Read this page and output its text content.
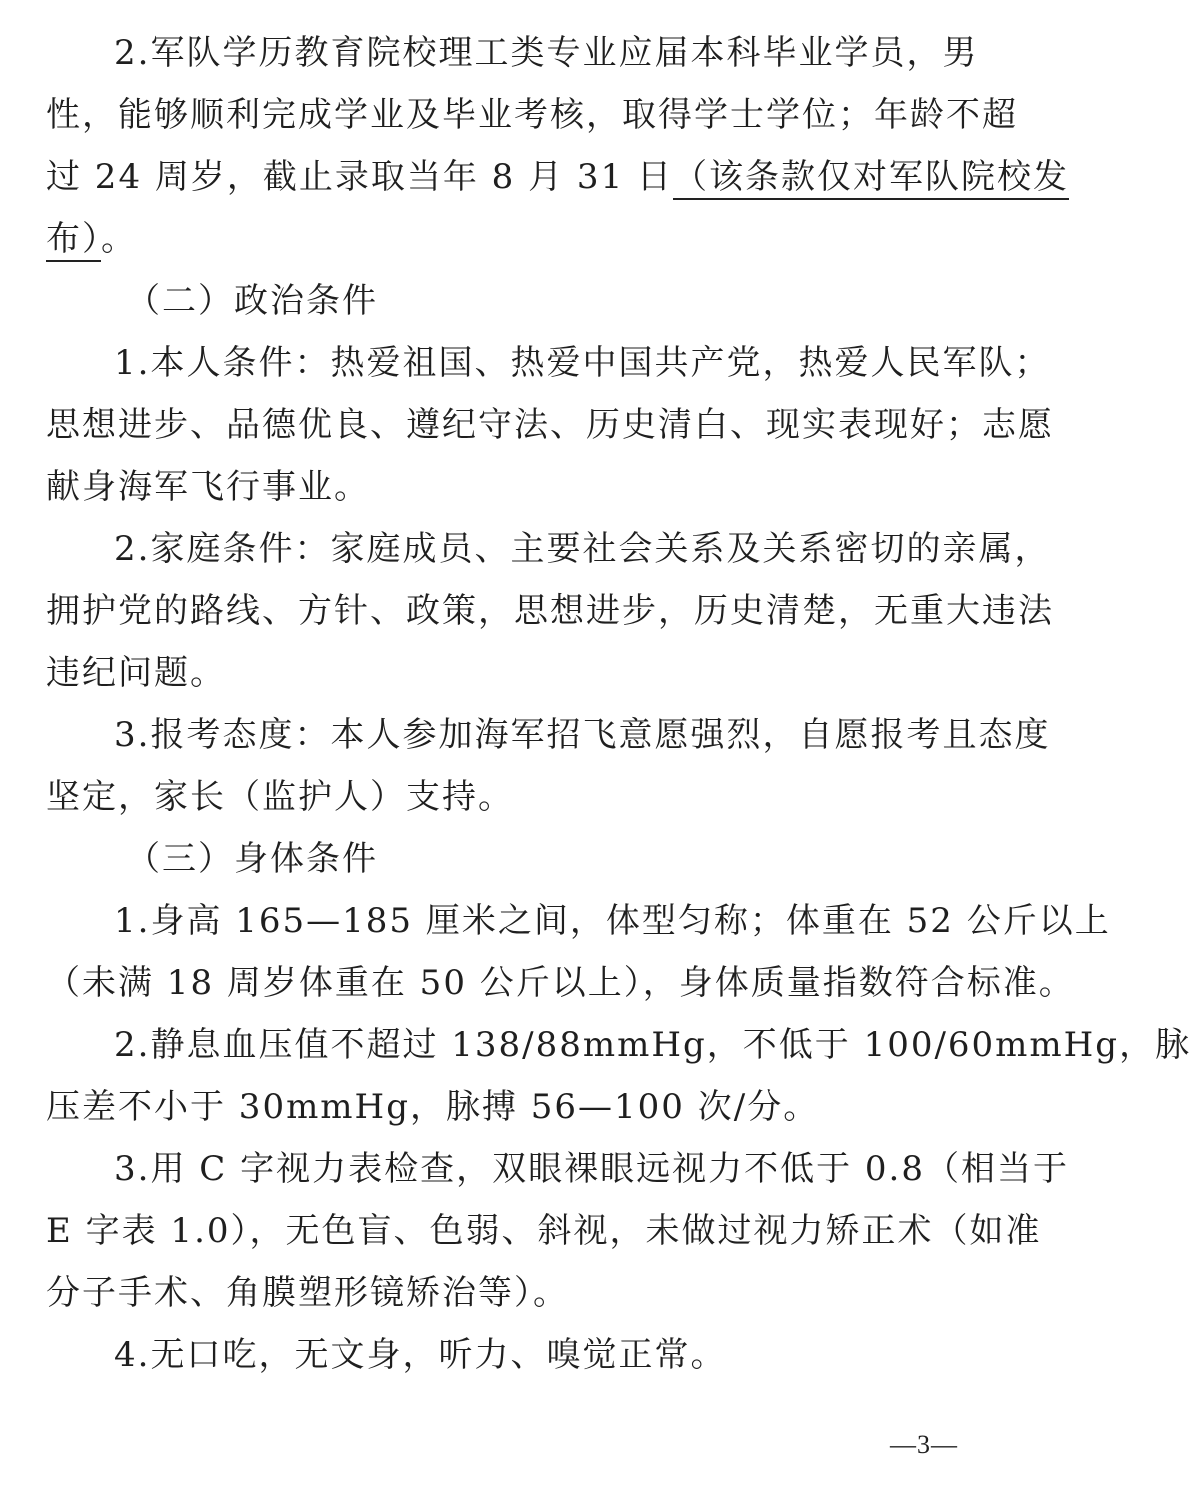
2.军队学历教育院校理工类专业应届本科毕业学员，男
性，能够顺利完成学业及毕业考核，取得学士学位；年龄不超
过 24 周岁，截止录取当年 8 月 31 日（该条款仅对军队院校发
布）。
（二）政治条件
1.本人条件：热爱祖国、热爱中国共产党，热爱人民军队；
思想进步、品德优良、遵纪守法、历史清白、现实表现好；志愿
献身海军飞行事业。
2.家庭条件：家庭成员、主要社会关系及关系密切的亲属，
拥护党的路线、方针、政策，思想进步，历史清楚，无重大违法
违纪问题。
3.报考态度：本人参加海军招飞意愿强烈，自愿报考且态度
坚定，家长（监护人）支持。
（三）身体条件
1.身高 165—185 厘米之间，体型匀称；体重在 52 公斤以上
（未满 18 周岁体重在 50 公斤以上），身体质量指数符合标准。
2.静息血压值不超过 138/88mmHg，不低于 100/60mmHg，脉
压差不小于 30mmHg，脉搏 56—100 次/分。
3.用 C 字视力表检查，双眼裸眼远视力不低于 0.8（相当于
E 字表 1.0），无色盲、色弱、斜视，未做过视力矫正术（如准
分子手术、角膜塑形镜矫治等）。
4.无口吃，无文身，听力、嗅觉正常。
—3—
